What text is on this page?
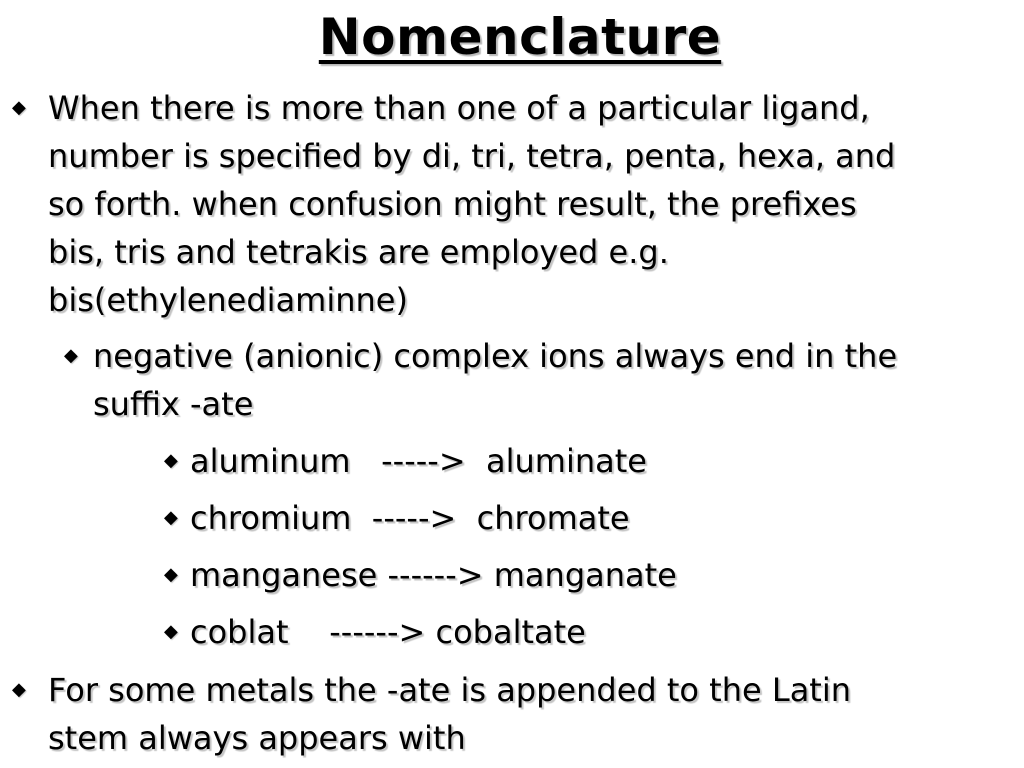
Nomenclature
◆ When there is more than one of a particular ligand,
number is specified by di, tri, tetra, penta, hexa, and
so forth. when confusion might result, the prefixes
bis, tris and tetrakis are employed e.g.
bis(ethylenediaminne)
◆ negative (anionic) complex ions always end in the
suffix -ate
◆ aluminum   ----->  aluminate
◆ chromium  ----->  chromate
◆ manganese ------> manganate
◆ coblat    ------> cobaltate
◆ For some metals the -ate is appended to the Latin
stem always appears with
